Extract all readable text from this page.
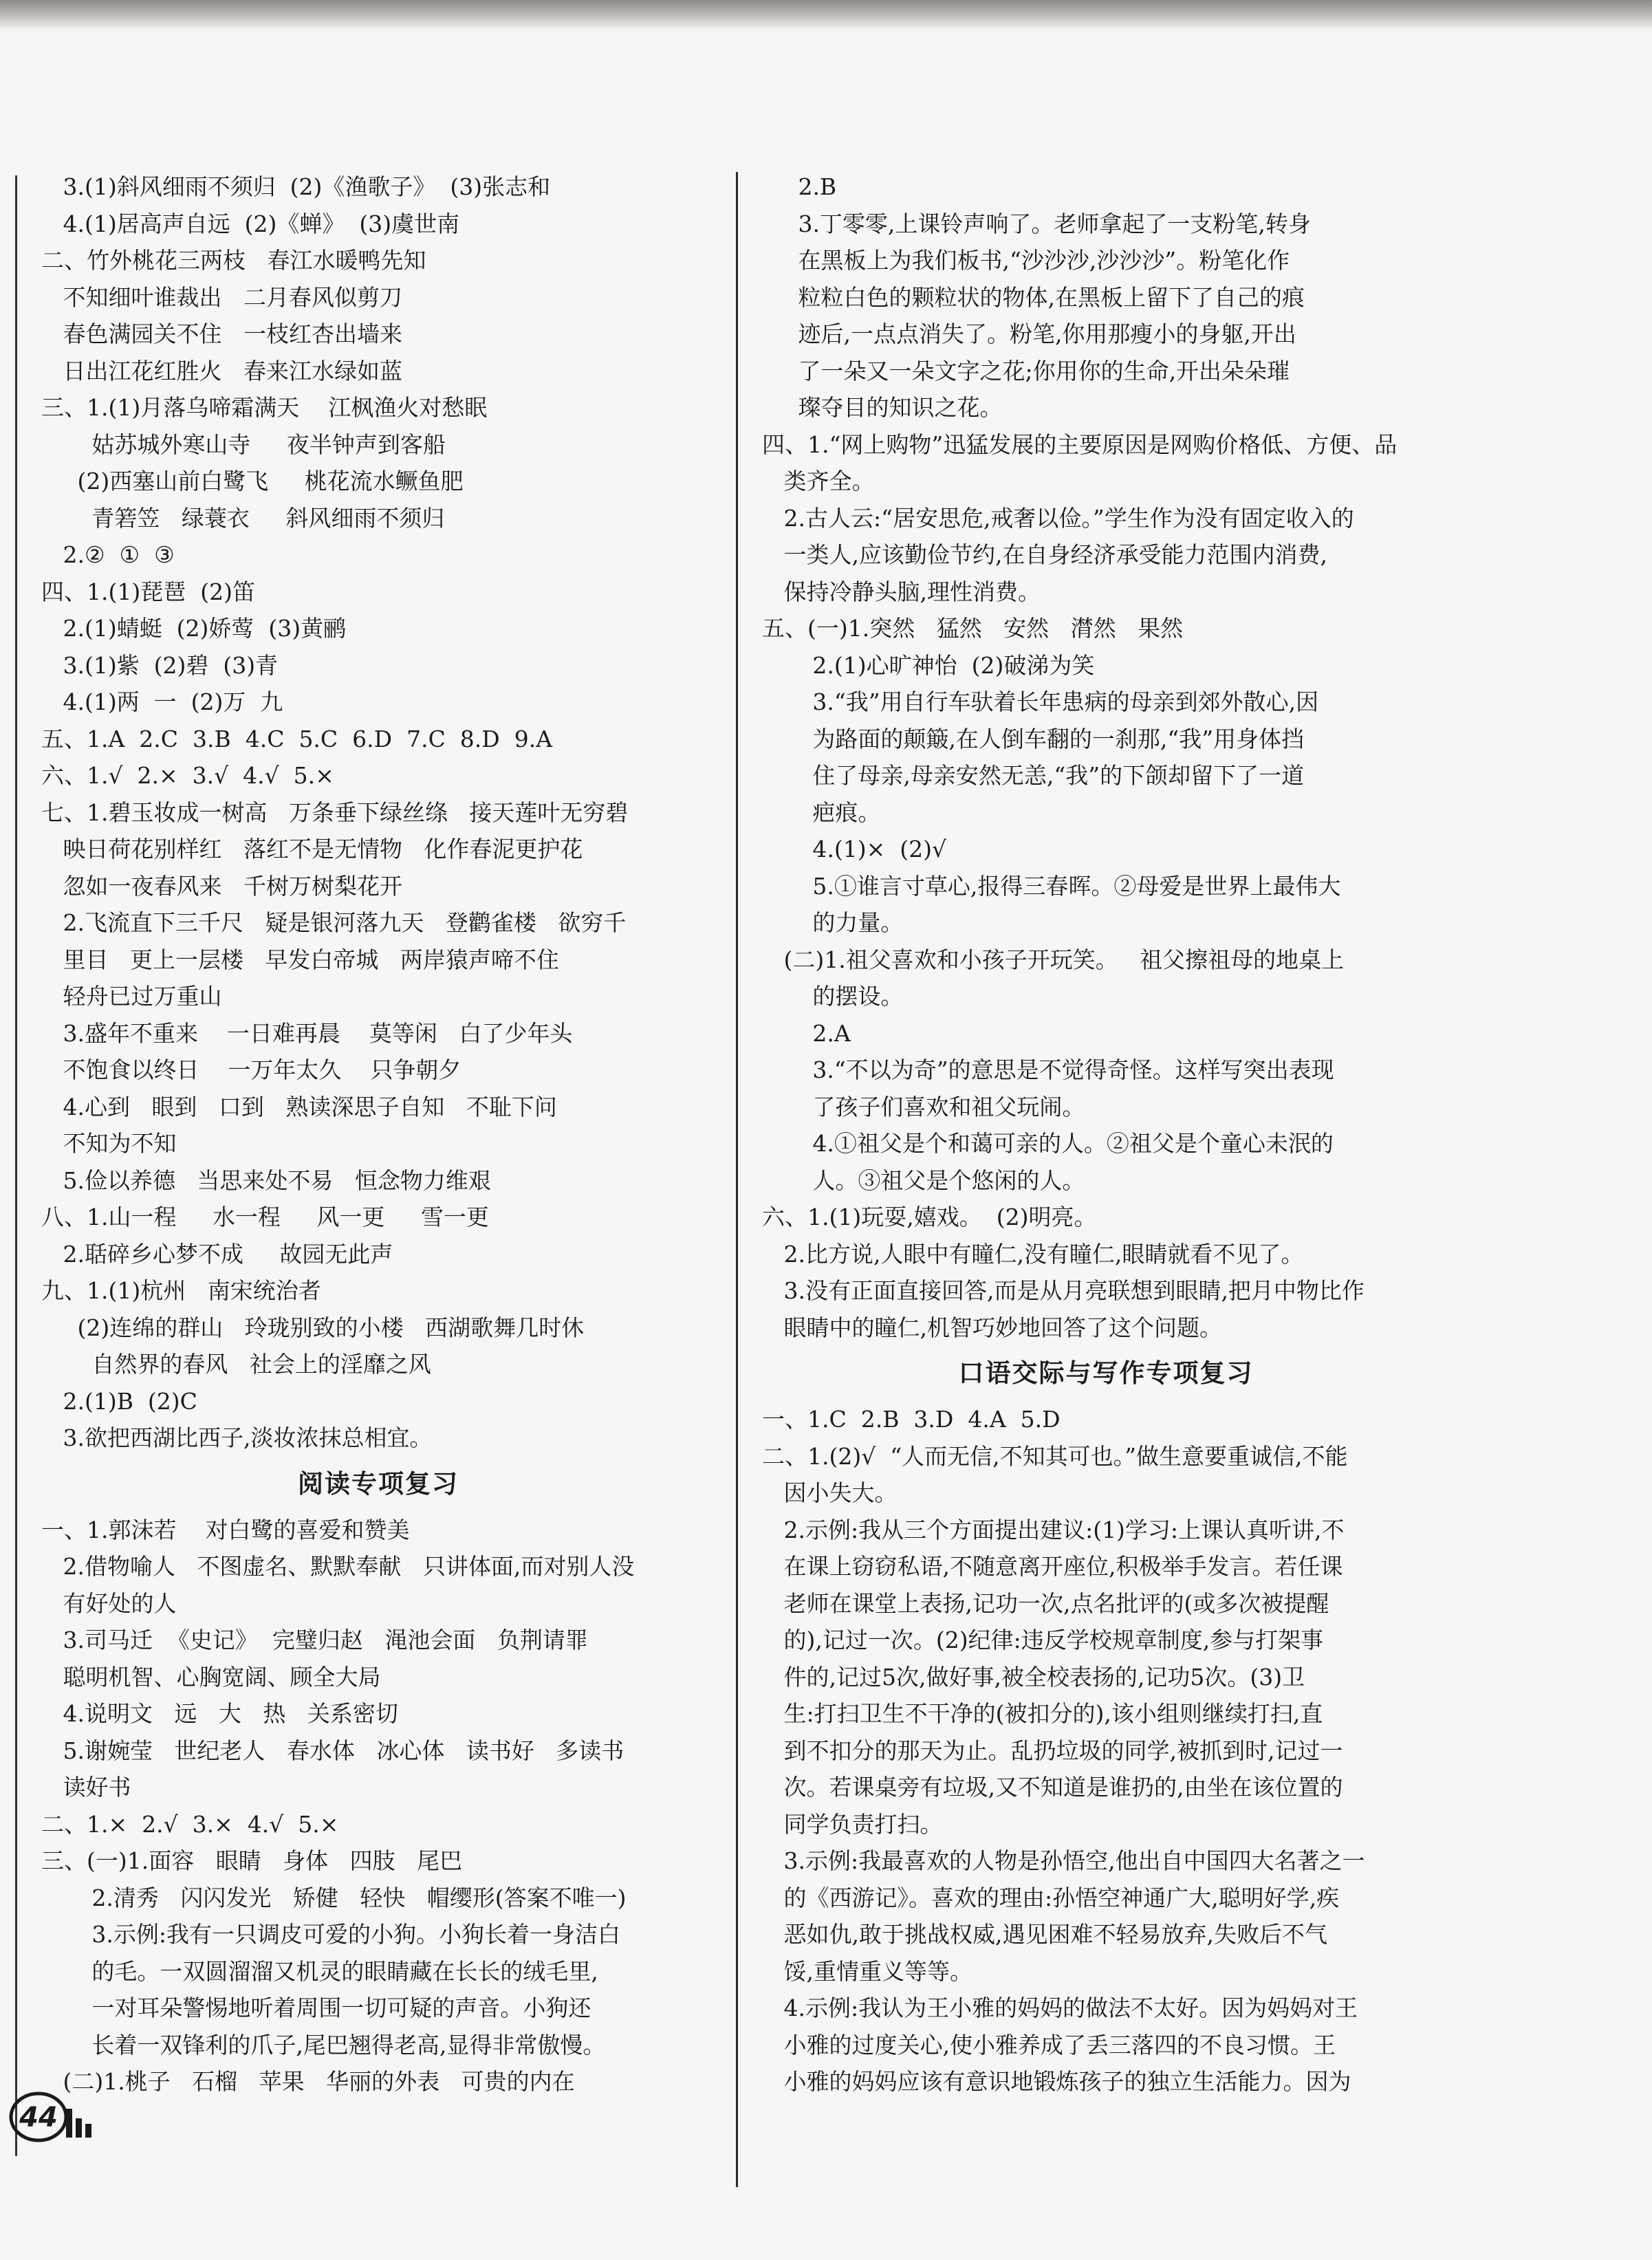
3.(1)斜风细雨不须归  (2)《渔歌子》  (3)张志和
4.(1)居高声自远  (2)《蝉》  (3)虞世南
二、竹外桃花三两枝   春江水暖鸭先知
不知细叶谁裁出   二月春风似剪刀
春色满园关不住   一枝红杏出墙来
日出江花红胜火   春来江水绿如蓝
三、1.(1)月落乌啼霜满天    江枫渔火对愁眠
姑苏城外寒山寺     夜半钟声到客船
(2)西塞山前白鹭飞     桃花流水鳜鱼肥
青箬笠   绿蓑衣     斜风细雨不须归
2.②  ①  ③
四、1.(1)琵琶  (2)笛
2.(1)蜻蜓  (2)娇莺  (3)黄鹂
3.(1)紫  (2)碧  (3)青
4.(1)两  一  (2)万  九
五、1.A  2.C  3.B  4.C  5.C  6.D  7.C  8.D  9.A
六、1.√  2.×  3.√  4.√  5.×
七、1.碧玉妆成一树高   万条垂下绿丝绦   接天莲叶无穷碧
映日荷花别样红   落红不是无情物   化作春泥更护花
忽如一夜春风来   千树万树梨花开
2.飞流直下三千尺   疑是银河落九天   登鹳雀楼   欲穷千
里目   更上一层楼   早发白帝城   两岸猿声啼不住
轻舟已过万重山
3.盛年不重来    一日难再晨    莫等闲   白了少年头
不饱食以终日    一万年太久    只争朝夕
4.心到   眼到   口到   熟读深思子自知   不耻下问
不知为不知
5.俭以养德   当思来处不易   恒念物力维艰
八、1.山一程     水一程     风一更     雪一更
2.聒碎乡心梦不成     故园无此声
九、1.(1)杭州   南宋统治者
(2)连绵的群山   玲珑别致的小楼   西湖歌舞几时休
自然界的春风   社会上的淫靡之风
2.(1)B  (2)C
3.欲把西湖比西子,淡妆浓抹总相宜。
阅读专项复习
一、1.郭沫若    对白鹭的喜爱和赞美
2.借物喻人   不图虚名、默默奉献   只讲体面,而对别人没
有好处的人
3.司马迁  《史记》  完璧归赵   渑池会面   负荆请罪
聪明机智、心胸宽阔、顾全大局
4.说明文   远   大   热   关系密切
5.谢婉莹   世纪老人   春水体   冰心体   读书好   多读书
读好书
二、1.×  2.√  3.×  4.√  5.×
三、(一)1.面容   眼睛   身体   四肢   尾巴
2.清秀   闪闪发光   矫健   轻快   帽缨形(答案不唯一)
3.示例:我有一只调皮可爱的小狗。小狗长着一身洁白
的毛。一双圆溜溜又机灵的眼睛藏在长长的绒毛里,
一对耳朵警惕地听着周围一切可疑的声音。小狗还
长着一双锋利的爪子,尾巴翘得老高,显得非常傲慢。
(二)1.桃子   石榴   苹果   华丽的外表   可贵的内在
2.B
3.丁零零,上课铃声响了。老师拿起了一支粉笔,转身
在黑板上为我们板书,“沙沙沙,沙沙沙”。粉笔化作
粒粒白色的颗粒状的物体,在黑板上留下了自己的痕
迹后,一点点消失了。粉笔,你用那瘦小的身躯,开出
了一朵又一朵文字之花;你用你的生命,开出朵朵璀
璨夺目的知识之花。
四、1.“网上购物”迅猛发展的主要原因是网购价格低、方便、品
类齐全。
2.古人云:“居安思危,戒奢以俭。”学生作为没有固定收入的
一类人,应该勤俭节约,在自身经济承受能力范围内消费,
保持冷静头脑,理性消费。
五、(一)1.突然   猛然   安然   潸然   果然
2.(1)心旷神怡  (2)破涕为笑
3.“我”用自行车驮着长年患病的母亲到郊外散心,因
为路面的颠簸,在人倒车翻的一刹那,“我”用身体挡
住了母亲,母亲安然无恙,“我”的下颌却留下了一道
疤痕。
4.(1)×  (2)√
5.①谁言寸草心,报得三春晖。②母爱是世界上最伟大
的力量。
(二)1.祖父喜欢和小孩子开玩笑。   祖父擦祖母的地桌上
的摆设。
2.A
3.“不以为奇”的意思是不觉得奇怪。这样写突出表现
了孩子们喜欢和祖父玩闹。
4.①祖父是个和蔼可亲的人。②祖父是个童心未泯的
人。③祖父是个悠闲的人。
六、1.(1)玩耍,嬉戏。  (2)明亮。
2.比方说,人眼中有瞳仁,没有瞳仁,眼睛就看不见了。
3.没有正面直接回答,而是从月亮联想到眼睛,把月中物比作
眼睛中的瞳仁,机智巧妙地回答了这个问题。
口语交际与写作专项复习
一、1.C  2.B  3.D  4.A  5.D
二、1.(2)√  “人而无信,不知其可也。”做生意要重诚信,不能
因小失大。
2.示例:我从三个方面提出建议:(1)学习:上课认真听讲,不
在课上窃窃私语,不随意离开座位,积极举手发言。若任课
老师在课堂上表扬,记功一次,点名批评的(或多次被提醒
的),记过一次。(2)纪律:违反学校规章制度,参与打架事
件的,记过5次,做好事,被全校表扬的,记功5次。(3)卫
生:打扫卫生不干净的(被扣分的),该小组则继续打扫,直
到不扣分的那天为止。乱扔垃圾的同学,被抓到时,记过一
次。若课桌旁有垃圾,又不知道是谁扔的,由坐在该位置的
同学负责打扫。
3.示例:我最喜欢的人物是孙悟空,他出自中国四大名著之一
的《西游记》。喜欢的理由:孙悟空神通广大,聪明好学,疾
恶如仇,敢于挑战权威,遇见困难不轻易放弃,失败后不气
馁,重情重义等等。
4.示例:我认为王小雅的妈妈的做法不太好。因为妈妈对王
小雅的过度关心,使小雅养成了丢三落四的不良习惯。王
小雅的妈妈应该有意识地锻炼孩子的独立生活能力。因为
44
